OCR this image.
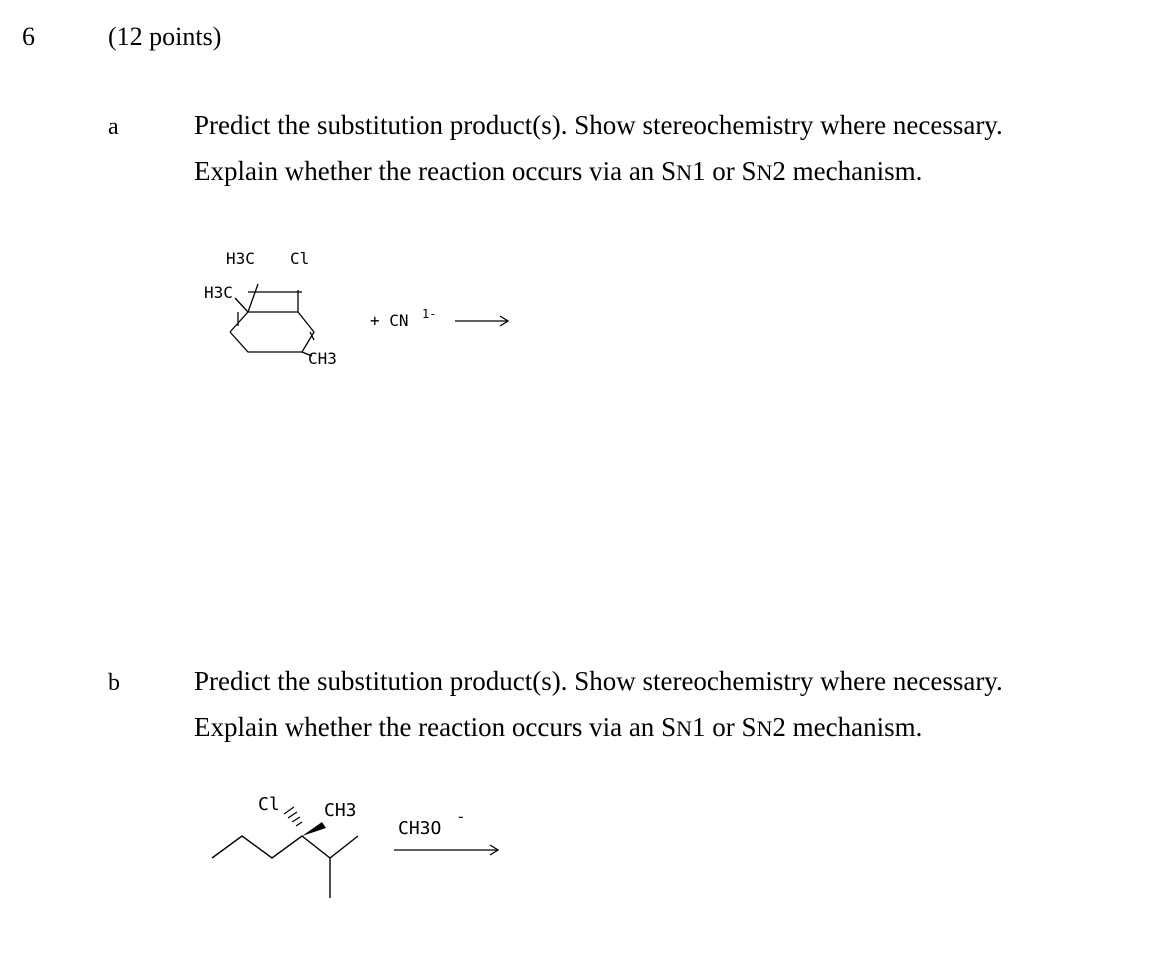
6	(12 points)
a	Predict the substitution product(s). Show stereochemistry where necessary.
Explain whether the reaction occurs via an SN1 or SN2 mechanism.
H3C Cl
H3C
CH3
+ CN 1-
b	Predict the substitution product(s). Show stereochemistry where necessary.
Explain whether the reaction occurs via an SN1 or SN2 mechanism.
Cl CH3
CH3O
-
